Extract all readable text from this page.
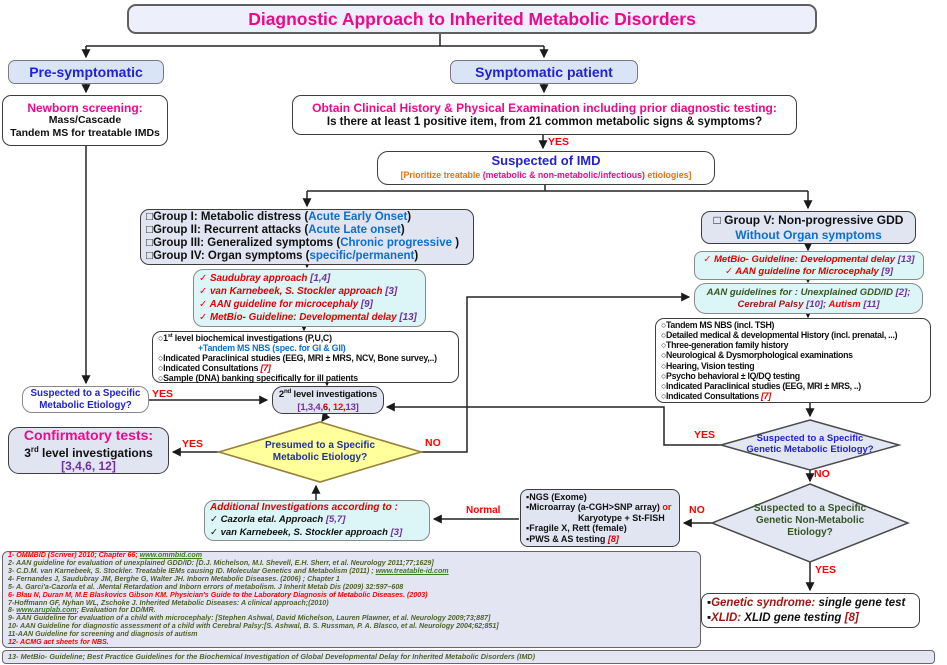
Diagnostic Approach to Inherited Metabolic Disorders
Pre-symptomatic
Newborn screening:
Mass/Cascade
Tandem MS for treatable IMDs
Symptomatic patient
Obtain Clinical History & Physical Examination including prior diagnostic testing:
Is there at least 1 positive item, from 21 common metabolic signs & symptoms?
Suspected of IMD
[Prioritize treatable (metabolic & non-metabolic/infectious) etiologies]
□Group I: Metabolic distress (Acute Early Onset)
□Group II: Recurrent attacks (Acute Late onset)
□Group III: Generalized symptoms (Chronic progressive )
□Group IV: Organ symptoms (specific/permanent)
□ Group V: Non-progressive GDD
Without Organ symptoms
✓ Saudubray approach [1,4]
✓ van Karnebeek, S. Stockler approach [3]
✓ AAN guideline for microcephaly [9]
✓ MetBio- Guideline: Developmental delay [13]
✓ MetBio- Guideline: Developmental delay [13]
✓ AAN guideline for Microcephaly [9]
AAN guidelines for : Unexplained GDD/ID [2];
Cerebral Palsy [10]; Autism [11]
○1st level biochemical investigations (P,U,C)
+Tandem MS NBS (spec. for GI & GII)
○Indicated Paraclinical studies (EEG, MRI ± MRS, NCV, Bone survey,..)
○Indicated Consultations [7]
○Sample (DNA) banking specifically for ill patients
○Tandem MS NBS (incl. TSH)
○Detailed medical & developmental History (incl. prenatal, ...)
○Three-generation family history
○Neurological & Dysmorphological examinations
○Hearing, Vision testing
○Psycho behavioral ± IQ/DQ testing
○Indicated Paraclinical studies (EEG, MRI ± MRS, ..)
○Indicated Consultations [7]
Suspected to a Specific
Metabolic Etiology?
2nd level investigations
[1,3,4,6, 12,13]
Presumed to a Specific
Metabolic Etiology?
Confirmatory tests:
3rd level investigations
[3,4,6, 12]
Additional Investigations according to :
✓ Cazorla etal. Approach [5,7]
✓ van Karnebeek, S. Stockler approach [3]
Suspected to a Specific
Genetic Metabolic Etiology?
Suspected to a Specific
Genetic Non-Metabolic
Etiology?
▪NGS (Exome)
▪Microarray (a-CGH>SNP array) or
Karyotype + St-FISH
▪Fragile X, Rett (female)
▪PWS & AS testing [8]
▪Genetic syndrome: single gene test
▪XLID: XLID gene testing [8]
1- OMMBID (Scriver) 2010; Chapter 66; www.ommbid.com
2- AAN guideline for evaluation of unexplained GDD/ID: [D.J. Michelson, M.I. Shevell, E.H. Sherr, et al. Neurology 2011;77;1629]
3- C.D.M. van Karnebeek, S. Stockler. Treatable IEMs causing ID. Molecular Genetics and Metabolism (2011) ; www.treatable-id.com
4- Fernandes J, Saudubray JM, Berghe G, Walter JH. Inborn Metabolic Diseases. (2006) ; Chapter 1
5- A. Garci'a-Cazorla et al. .Mental Retardation and Inborn errors of metabolism. J Inherit Metab Dis (2009) 32:597–608
6- Blau N, Duran M, M.E Blaskovics Gibson KM. Physician's Guide to the Laboratory Diagnosis of Metabolic Diseases. (2003)
7-Hoffmann GF, Nyhan WL, Zschoke J. Inherited Metabolic Diseases: A clinical approach;(2010)
8- www.aruplab.com; Evaluation for DD/MR.
9- AAN Guideline for evaluation of a child with microcephaly: [Stephen Ashwal, David Michelson, Lauren Plawner, et al. Neurology 2009;73;887]
10- AAN Guideline for diagnostic assessment of a child with Cerebral Palsy:[S. Ashwal, B. S. Russman, P. A. Blasco, et al. Neurology 2004;62;851]
11-AAN Guideline for screening and diagnosis of autism
12- ACMG act sheets for NBS.
13- MetBio- Guideline; Best Practice Guidelines for the Biochemical Investigation of Global Developmental Delay for Inherited Metabolic Disorders (IMD)
YES
YES
YES	NO
YES
NO
NO
YES
Normal
